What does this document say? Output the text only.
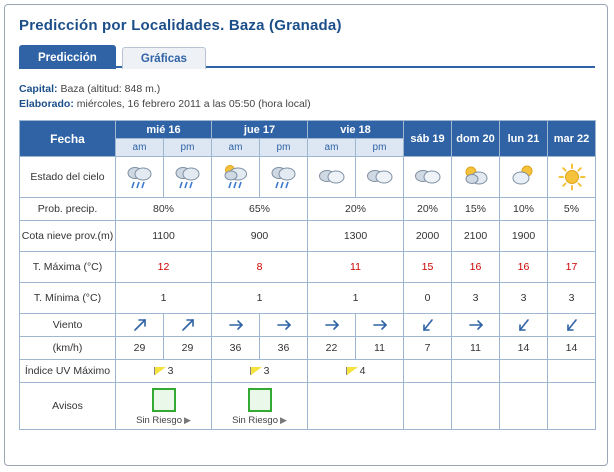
Predicción por Localidades. Baza (Granada)
Predicción	Gráficas
Capital: Baza (altitud: 848 m.)
Elaborado: miércoles, 16 febrero 2011 a las 05:50 (hora local)
Fecha	mié 16		jue 17		vie 18		sáb 19	dom 20	lun 21	mar 22
	am	pm	am	pm	am	pm				
Estado del cielo	

Prob. precip.	80%		65%		20%		20%	15%	10%	5%
Cota nieve prov.(m)	1100		900		1300		2000	2100	1900	
T. Máxima (°C)	12		8		11		15	16	16	17
T. Mínima (°C)	1		1		1		0	3	3	3
Viento	

(km/h)	29	29	36	36	22	11	7	11	14	14
Índice UV Máximo	3		3		4					
Avisos	Sin Riesgo ▶		Sin Riesgo ▶							
